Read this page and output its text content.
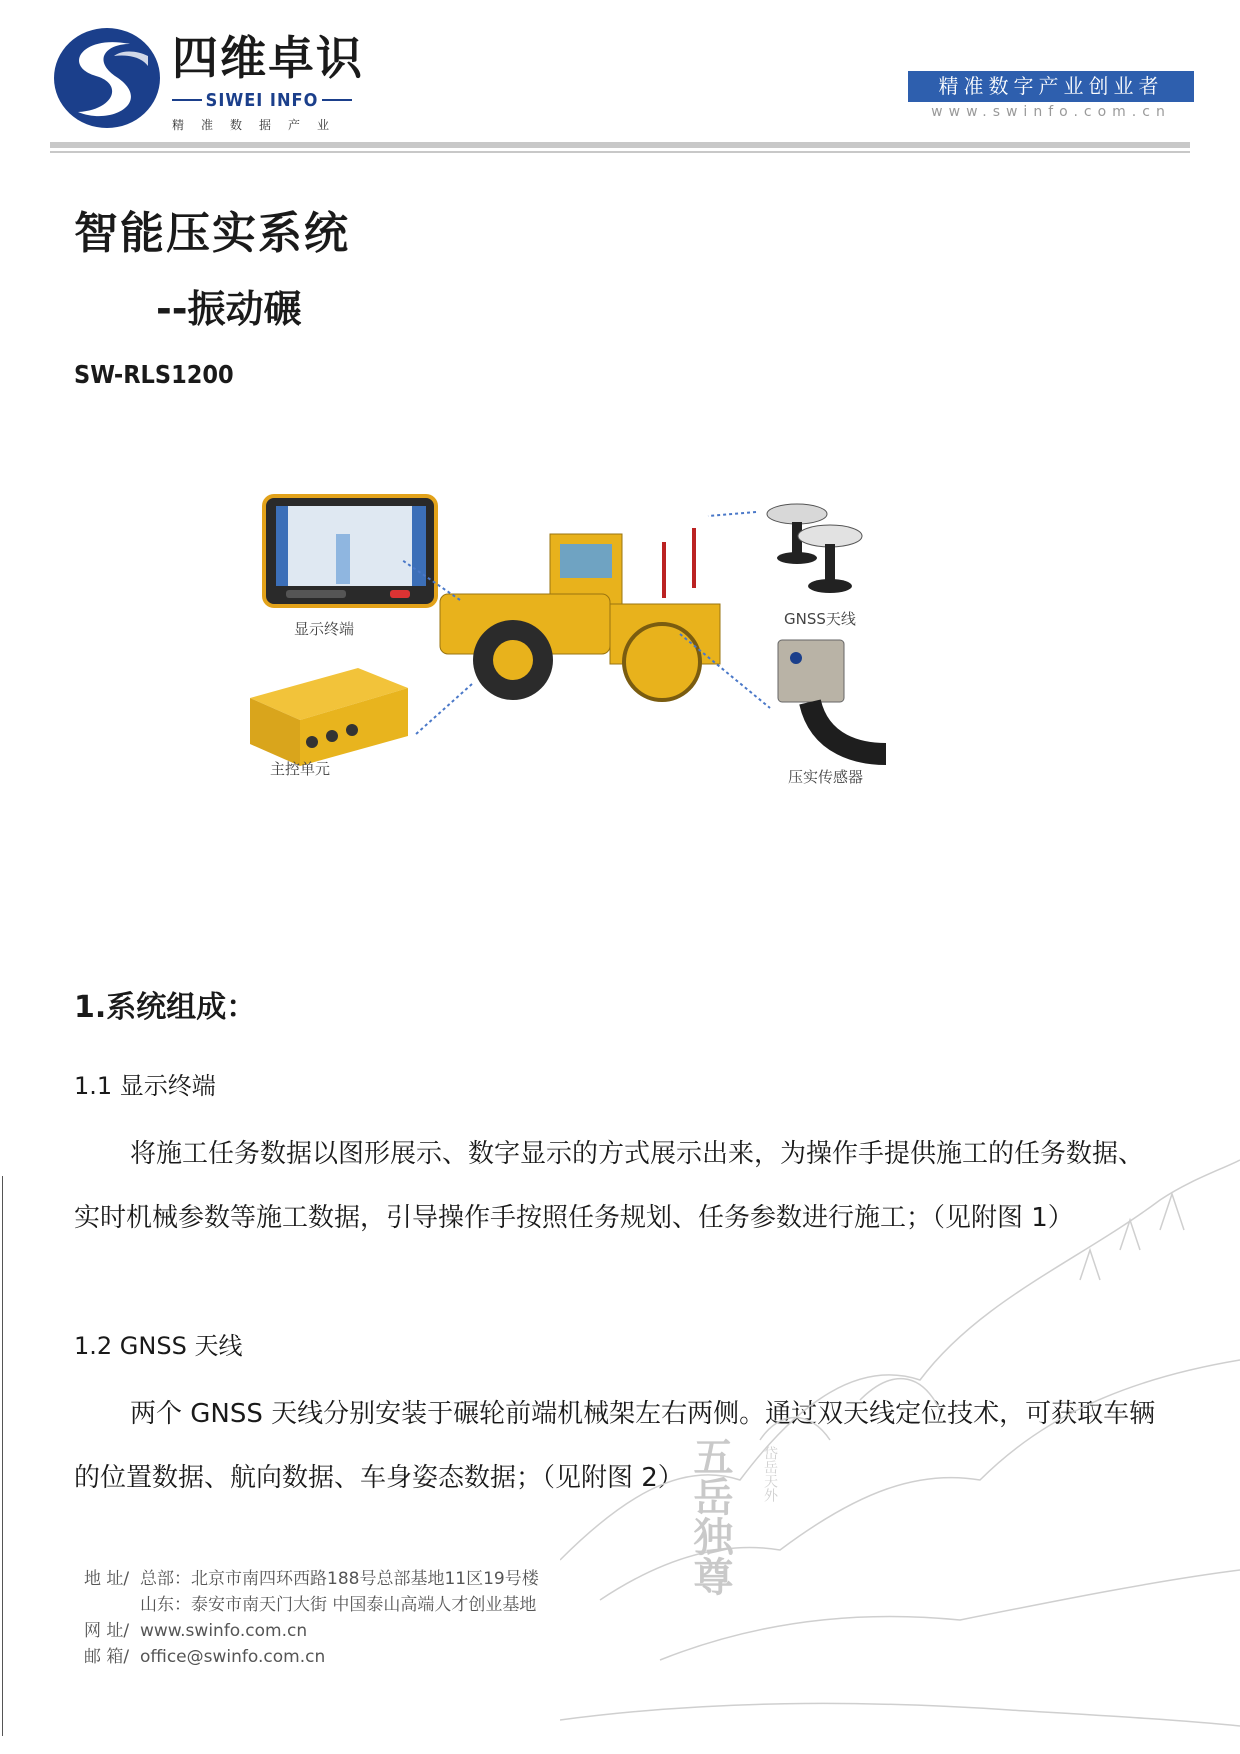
四维卓识
SIWEI INFO
精准数据产业
精准数字产业创业者
www.swinfo.com.cn
智能压实系统
--振动碾
SW-RLS1200
显示终端
GNSS天线
主控单元	压实传感器
1.系统组成：
1.1 显示终端
将施工任务数据以图形展示、数字显示的方式展示出来，为操作手提供施工的任务数据、实时机械参数等施工数据，引导操作手按照任务规划、任务参数进行施工；（见附图 1）
1.2 GNSS 天线
两个 GNSS 天线分别安装于碾轮前端机械架左右两侧。通过双天线定位技术，可获取车辆的位置数据、航向数据、车身姿态数据；（见附图 2） 五岳独尊 岱岳天外
地 址/ 总部：北京市南四环西路188号总部基地11区19号楼
山东：泰安市南天门大街 中国泰山高端人才创业基地
网 址/ www.swinfo.com.cn
邮 箱/ office@swinfo.com.cn
